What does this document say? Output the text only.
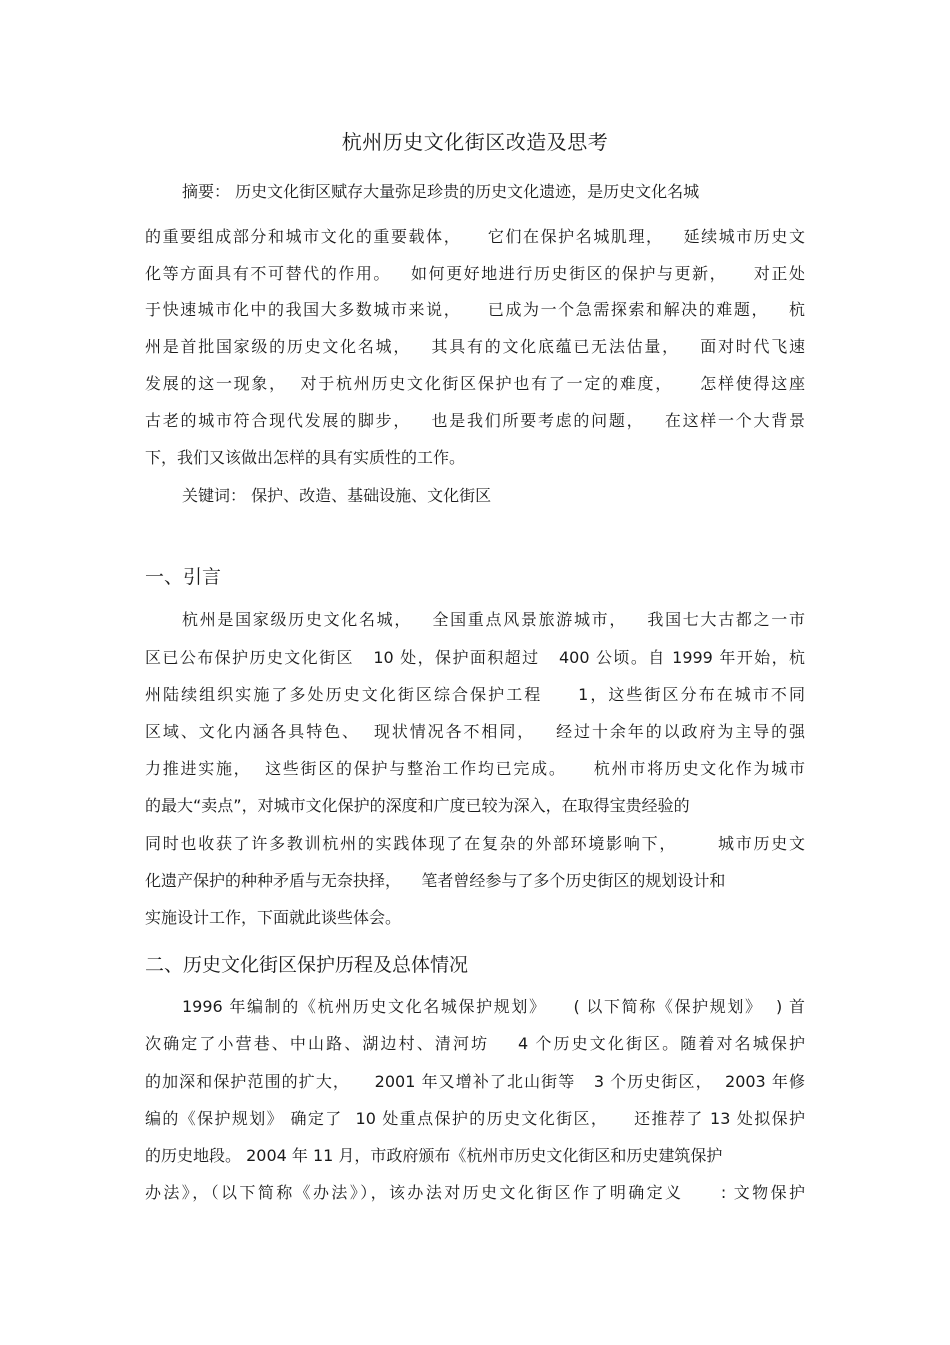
杭州历史文化街区改造及思考
摘要： 历史文化街区赋存大量弥足珍贵的历史文化遗迹，是历史文化名城
的重要组成部分和城市文化的重要载体，    它们在保护名城肌理，   延续城市历史文
化等方面具有不可替代的作用。   如何更好地进行历史街区的保护与更新，    对正处
于快速城市化中的我国大多数城市来说，    已成为一个急需探索和解决的难题，   杭
州是首批国家级的历史文化名城，   其具有的文化底蕴已无法估量，   面对时代飞速
发展的这一现象，  对于杭州历史文化街区保护也有了一定的难度，    怎样使得这座
古老的城市符合现代发展的脚步，   也是我们所要考虑的问题，   在这样一个大背景
下，我们又该做出怎样的具有实质性的工作。
关键词： 保护、改造、基础设施、文化街区
一、引言
杭州是国家级历史文化名城，   全国重点风景旅游城市，   我国七大古都之一市
区已公布保护历史文化街区   10 处，保护面积超过   400 公顷。自 1999 年开始，杭
州陆续组织实施了多处历史文化街区综合保护工程     1，这些街区分布在城市不同
区域、文化内涵各具特色、  现状情况各不相同，   经过十余年的以政府为主导的强
力推进实施，  这些街区的保护与整治工作均已完成。    杭州市将历史文化作为城市
的最大“卖点”，对城市文化保护的深度和广度已较为深入，在取得宝贵经验的
同时也收获了许多教训杭州的实践体现了在复杂的外部环境影响下，      城市历史文
化遗产保护的种种矛盾与无奈抉择，    笔者曾经参与了多个历史街区的规划设计和
实施设计工作，下面就此谈些体会。
二、历史文化街区保护历程及总体情况
1996 年编制的《杭州历史文化名城保护规划》    ( 以下简称《保护规划》  ) 首
次确定了小营巷、中山路、湖边村、清河坊    4 个历史文化街区。随着对名城保护
的加深和保护范围的扩大，    2001 年又增补了北山街等   3 个历史街区，  2003 年修
编的《保护规划》 确定了  10 处重点保护的历史文化街区，    还推荐了 13 处拟保护
的历史地段。 2004 年 11 月，市政府颁布《杭州市历史文化街区和历史建筑保护
办法》，（以下简称《办法》），该办法对历史文化街区作了明确定义     : 文物保护
